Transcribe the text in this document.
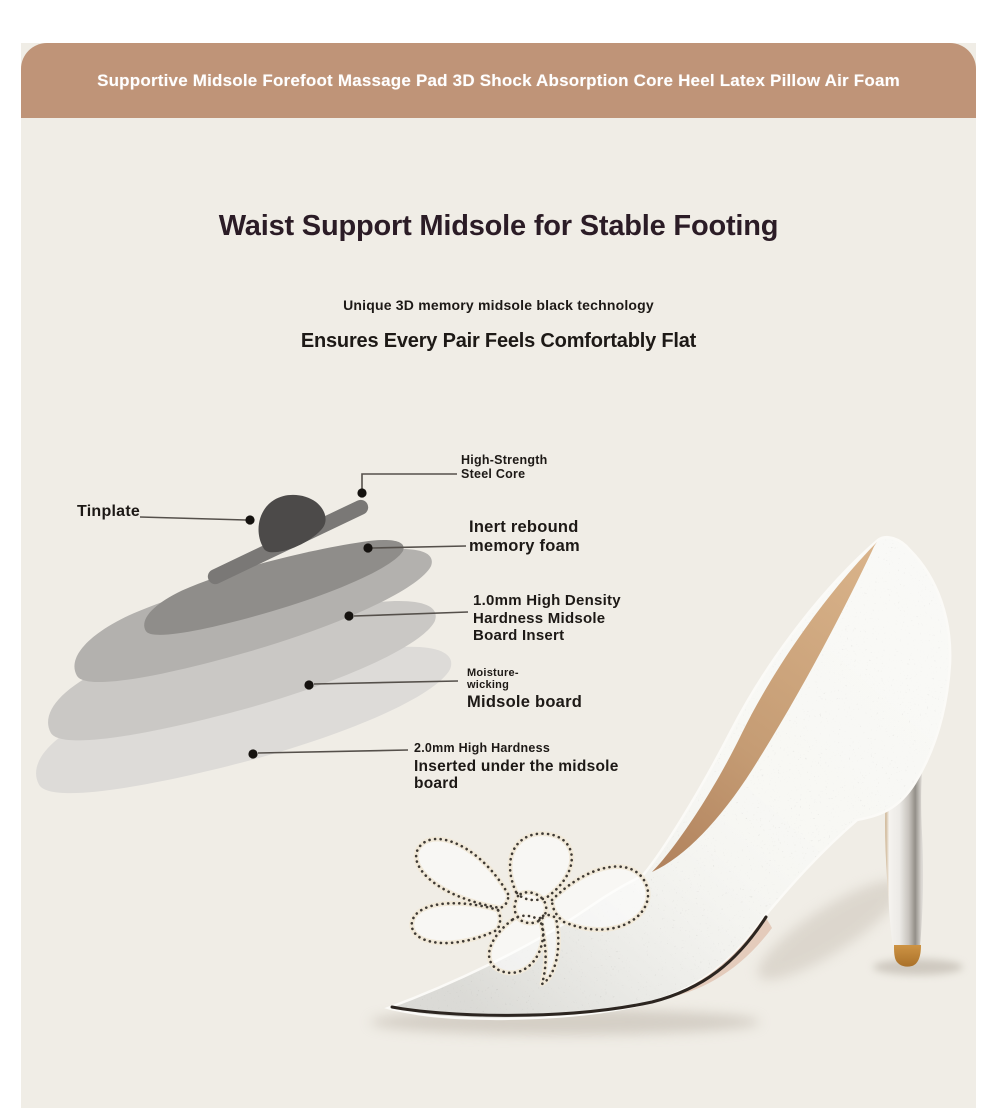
Supportive Midsole Forefoot Massage Pad 3D Shock Absorption Core Heel Latex Pillow Air Foam
Waist Support Midsole for Stable Footing
Unique 3D memory midsole black technology
Ensures Every Pair Feels Comfortably Flat
High-Strength
Steel Core
Tinplate
Inert rebound
memory foam
1.0mm High Density
Hardness Midsole
Board Insert
Moisture-
wicking
Midsole board
2.0mm High Hardness
Inserted under the midsole board
